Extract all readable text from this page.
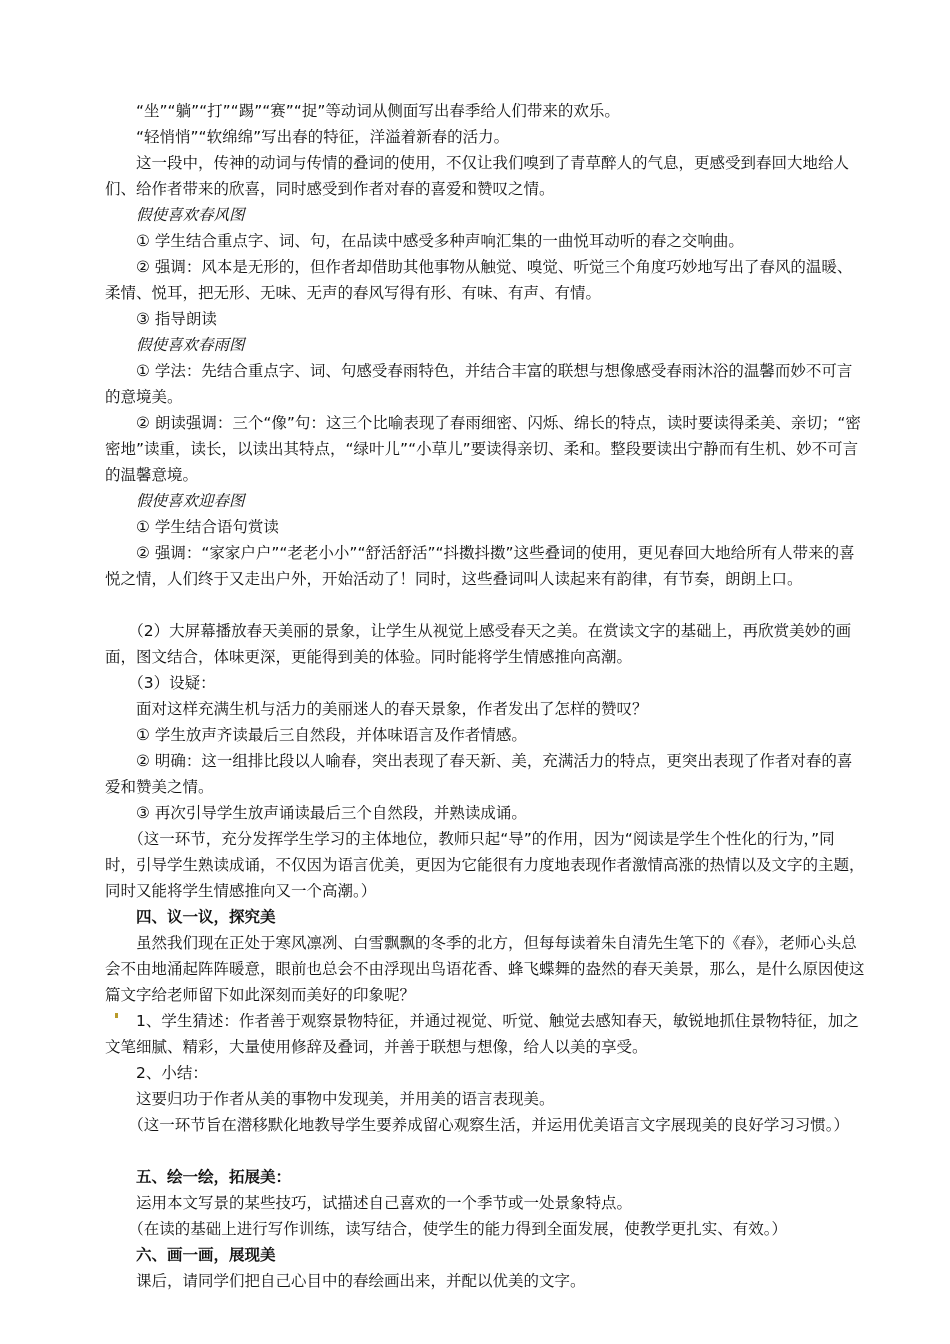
“坐”“躺”“打”“踢”“赛”“捉”等动词从侧面写出春季给人们带来的欢乐。

“轻悄悄”“软绵绵”写出春的特征，洋溢着新春的活力。

这一段中，传神的动词与传情的叠词的使用，不仅让我们嗅到了青草醉人的气息，更感受到春回大地给人们、给作者带来的欣喜，同时感受到作者对春的喜爱和赞叹之情。

假使喜欢春风图

① 学生结合重点字、词、句，在品读中感受多种声响汇集的一曲悦耳动听的春之交响曲。

② 强调：风本是无形的，但作者却借助其他事物从触觉、嗅觉、听觉三个角度巧妙地写出了春风的温暖、柔情、悦耳，把无形、无味、无声的春风写得有形、有味、有声、有情。

③ 指导朗读

假使喜欢春雨图

① 学法：先结合重点字、词、句感受春雨特色，并结合丰富的联想与想像感受春雨沐浴的温馨而妙不可言的意境美。

② 朗读强调：三个“像”句：这三个比喻表现了春雨细密、闪烁、绵长的特点，读时要读得柔美、亲切；“密密地”读重，读长，以读出其特点，“绿叶儿”“小草儿”要读得亲切、柔和。整段要读出宁静而有生机、妙不可言的温馨意境。

假使喜欢迎春图

① 学生结合语句赏读

② 强调：“家家户户”“老老小小”“舒活舒活”“抖擞抖擞”这些叠词的使用，更见春回大地给所有人带来的喜悦之情，人们终于又走出户外，开始活动了！同时，这些叠词叫人读起来有韵律，有节奏，朗朗上口。

（2）大屏幕播放春天美丽的景象，让学生从视觉上感受春天之美。在赏读文字的基础上，再欣赏美妙的画面，图文结合，体味更深，更能得到美的体验。同时能将学生情感推向高潮。

（3）设疑：

面对这样充满生机与活力的美丽迷人的春天景象，作者发出了怎样的赞叹？

① 学生放声齐读最后三自然段，并体味语言及作者情感。

② 明确：这一组排比段以人喻春，突出表现了春天新、美，充满活力的特点，更突出表现了作者对春的喜爱和赞美之情。

③ 再次引导学生放声诵读最后三个自然段，并熟读成诵。

（这一环节，充分发挥学生学习的主体地位，教师只起“导”的作用，因为“阅读是学生个性化的行为，”同时，引导学生熟读成诵，不仅因为语言优美，更因为它能很有力度地表现作者激情高涨的热情以及文字的主题，同时又能将学生情感推向又一个高潮。）

四、议一议，探究美

虽然我们现在正处于寒风凛冽、白雪飘飘的冬季的北方，但每每读着朱自清先生笔下的《春》，老师心头总会不由地涌起阵阵暖意，眼前也总会不由浮现出鸟语花香、蜂飞蝶舞的盎然的春天美景，那么，是什么原因使这篇文字给老师留下如此深刻而美好的印象呢？

1、学生猜述：作者善于观察景物特征，并通过视觉、听觉、触觉去感知春天，敏锐地抓住景物特征，加之文笔细腻、精彩，大量使用修辞及叠词，并善于联想与想像，给人以美的享受。

2、小结：

这要归功于作者从美的事物中发现美，并用美的语言表现美。

（这一环节旨在潜移默化地教导学生要养成留心观察生活，并运用优美语言文字展现美的良好学习习惯。）

五、绘一绘，拓展美：

运用本文写景的某些技巧，试描述自己喜欢的一个季节或一处景象特点。

（在读的基础上进行写作训练，读写结合，使学生的能力得到全面发展，使教学更扎实、有效。）

六、画一画，展现美

课后，请同学们把自己心目中的春绘画出来，并配以优美的文字。
